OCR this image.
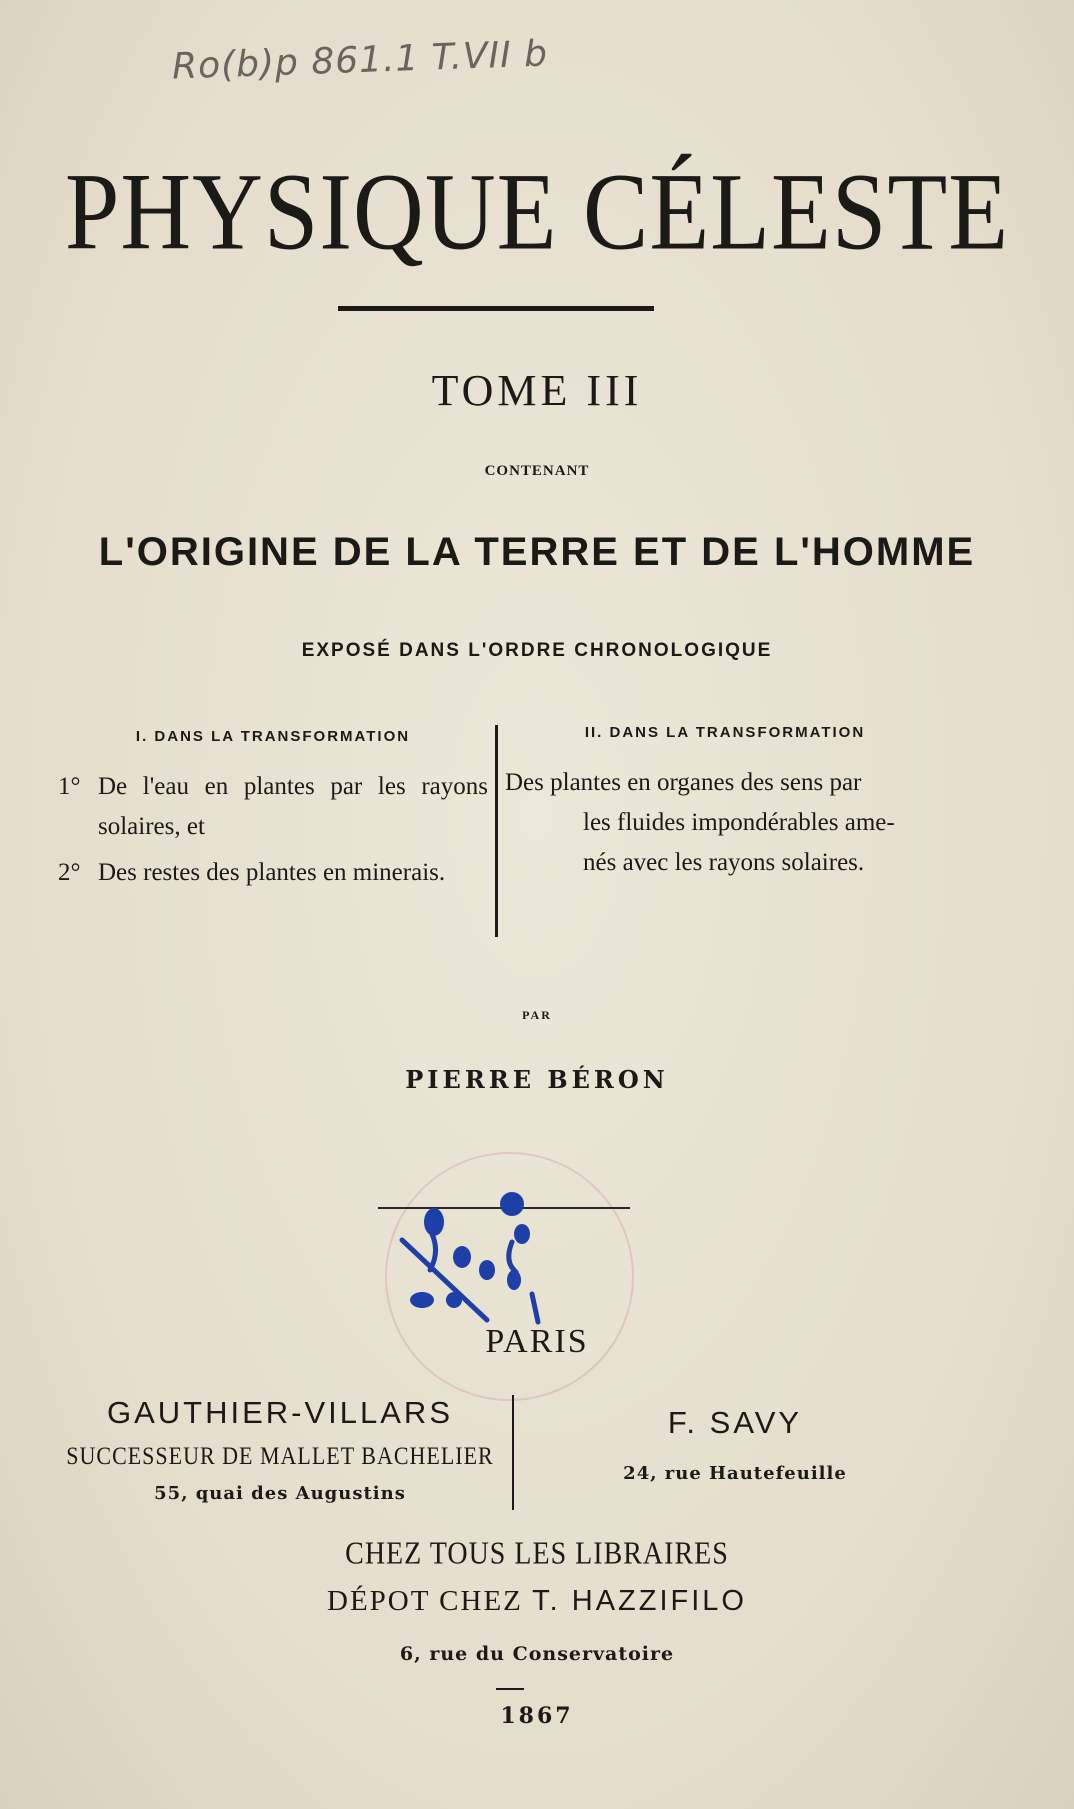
Ro(b)p 861.1 T.VII b
PHYSIQUE CÉLESTE
TOME III
CONTENANT
L'ORIGINE DE LA TERRE ET DE L'HOMME
EXPOSÉ DANS L'ORDRE CHRONOLOGIQUE
I. DANS LA TRANSFORMATION
1° De l'eau en plantes par les rayons solaires, et
2° Des restes des plantes en minerais.
II. DANS LA TRANSFORMATION
Des plantes en organes des sens par
les fluides impondérables ame-
nés avec les rayons solaires.
PAR
PIERRE BÉRON
PARIS
GAUTHIER-VILLARS
SUCCESSEUR DE MALLET BACHELIER
55, quai des Augustins
F. SAVY
24, rue Hautefeuille
CHEZ TOUS LES LIBRAIRES
DÉPOT CHEZ T. HAZZIFILO
6, rue du Conservatoire
1867
